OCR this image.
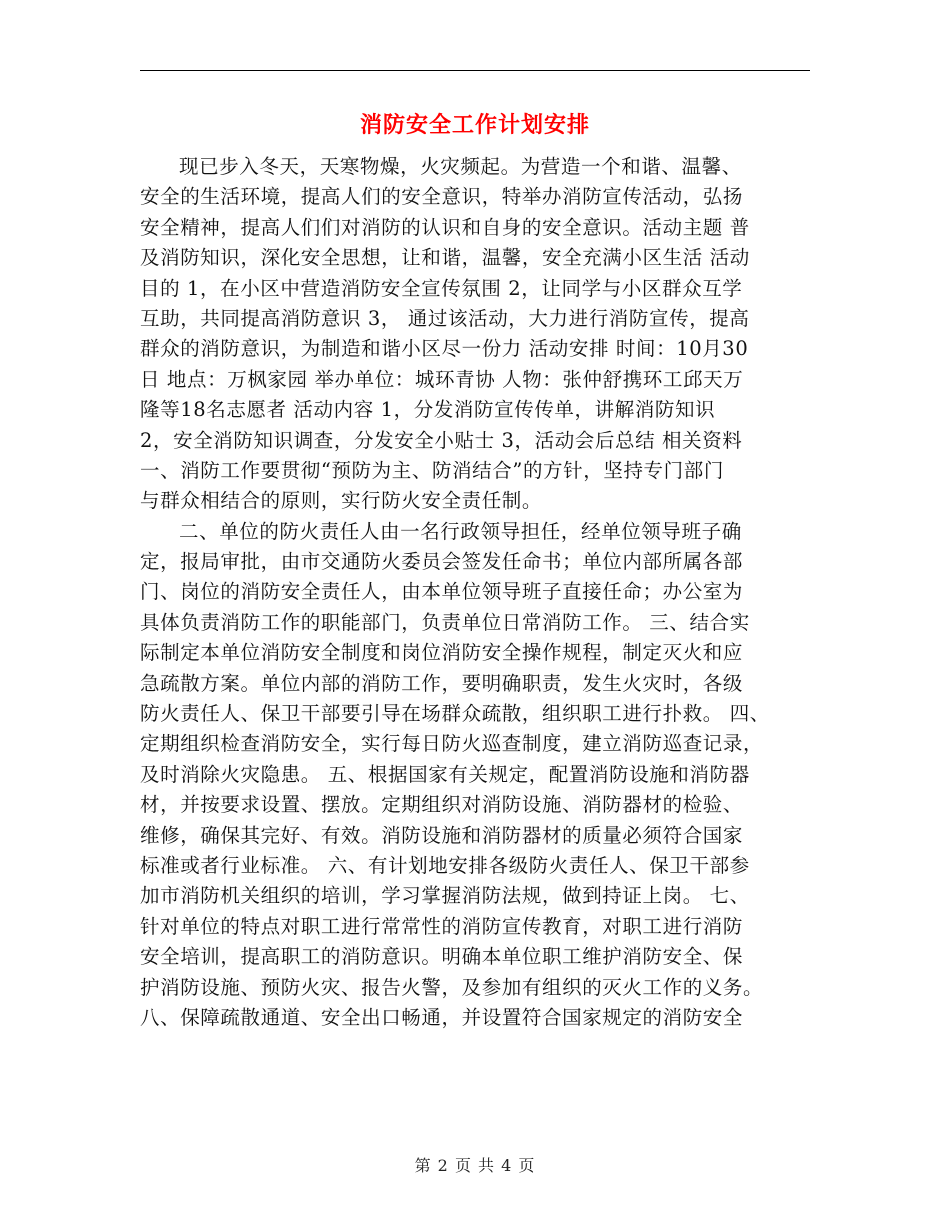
消防安全工作计划安排
现已步入冬天，天寒物燥，火灾频起。为营造一个和谐、温馨、
安全的生活环境，提高人们的安全意识，特举办消防宣传活动，弘扬
安全精神，提高人们们对消防的认识和自身的安全意识。活动主题 普
及消防知识，深化安全思想，让和谐，温馨，安全充满小区生活 活动
目的 1，在小区中营造消防安全宣传氛围 2，让同学与小区群众互学
互助，共同提高消防意识 3， 通过该活动，大力进行消防宣传，提高
群众的消防意识，为制造和谐小区尽一份力 活动安排 时间：10月30
日 地点：万枫家园 举办单位：城环青协 人物：张仲舒携环工邱天万
隆等18名志愿者 活动内容 1，分发消防宣传传单，讲解消防知识
2，安全消防知识调查，分发安全小贴士 3，活动会后总结 相关资料
一、消防工作要贯彻“预防为主、防消结合”的方针，坚持专门部门
与群众相结合的原则，实行防火安全责任制。
二、单位的防火责任人由一名行政领导担任，经单位领导班子确
定，报局审批，由市交通防火委员会签发任命书；单位内部所属各部
门、岗位的消防安全责任人，由本单位领导班子直接任命；办公室为
具体负责消防工作的职能部门，负责单位日常消防工作。 三、结合实
际制定本单位消防安全制度和岗位消防安全操作规程，制定灭火和应
急疏散方案。单位内部的消防工作，要明确职责，发生火灾时，各级
防火责任人、保卫干部要引导在场群众疏散，组织职工进行扑救。 四、
定期组织检查消防安全，实行每日防火巡查制度，建立消防巡查记录，
及时消除火灾隐患。 五、根据国家有关规定，配置消防设施和消防器
材，并按要求设置、摆放。定期组织对消防设施、消防器材的检验、
维修，确保其完好、有效。消防设施和消防器材的质量必须符合国家
标准或者行业标准。 六、有计划地安排各级防火责任人、保卫干部参
加市消防机关组织的培训，学习掌握消防法规，做到持证上岗。 七、
针对单位的特点对职工进行常常性的消防宣传教育，对职工进行消防
安全培训，提高职工的消防意识。明确本单位职工维护消防安全、保
护消防设施、预防火灾、报告火警，及参加有组织的灭火工作的义务。
八、保障疏散通道、安全出口畅通，并设置符合国家规定的消防安全
第 2 页 共 4 页
